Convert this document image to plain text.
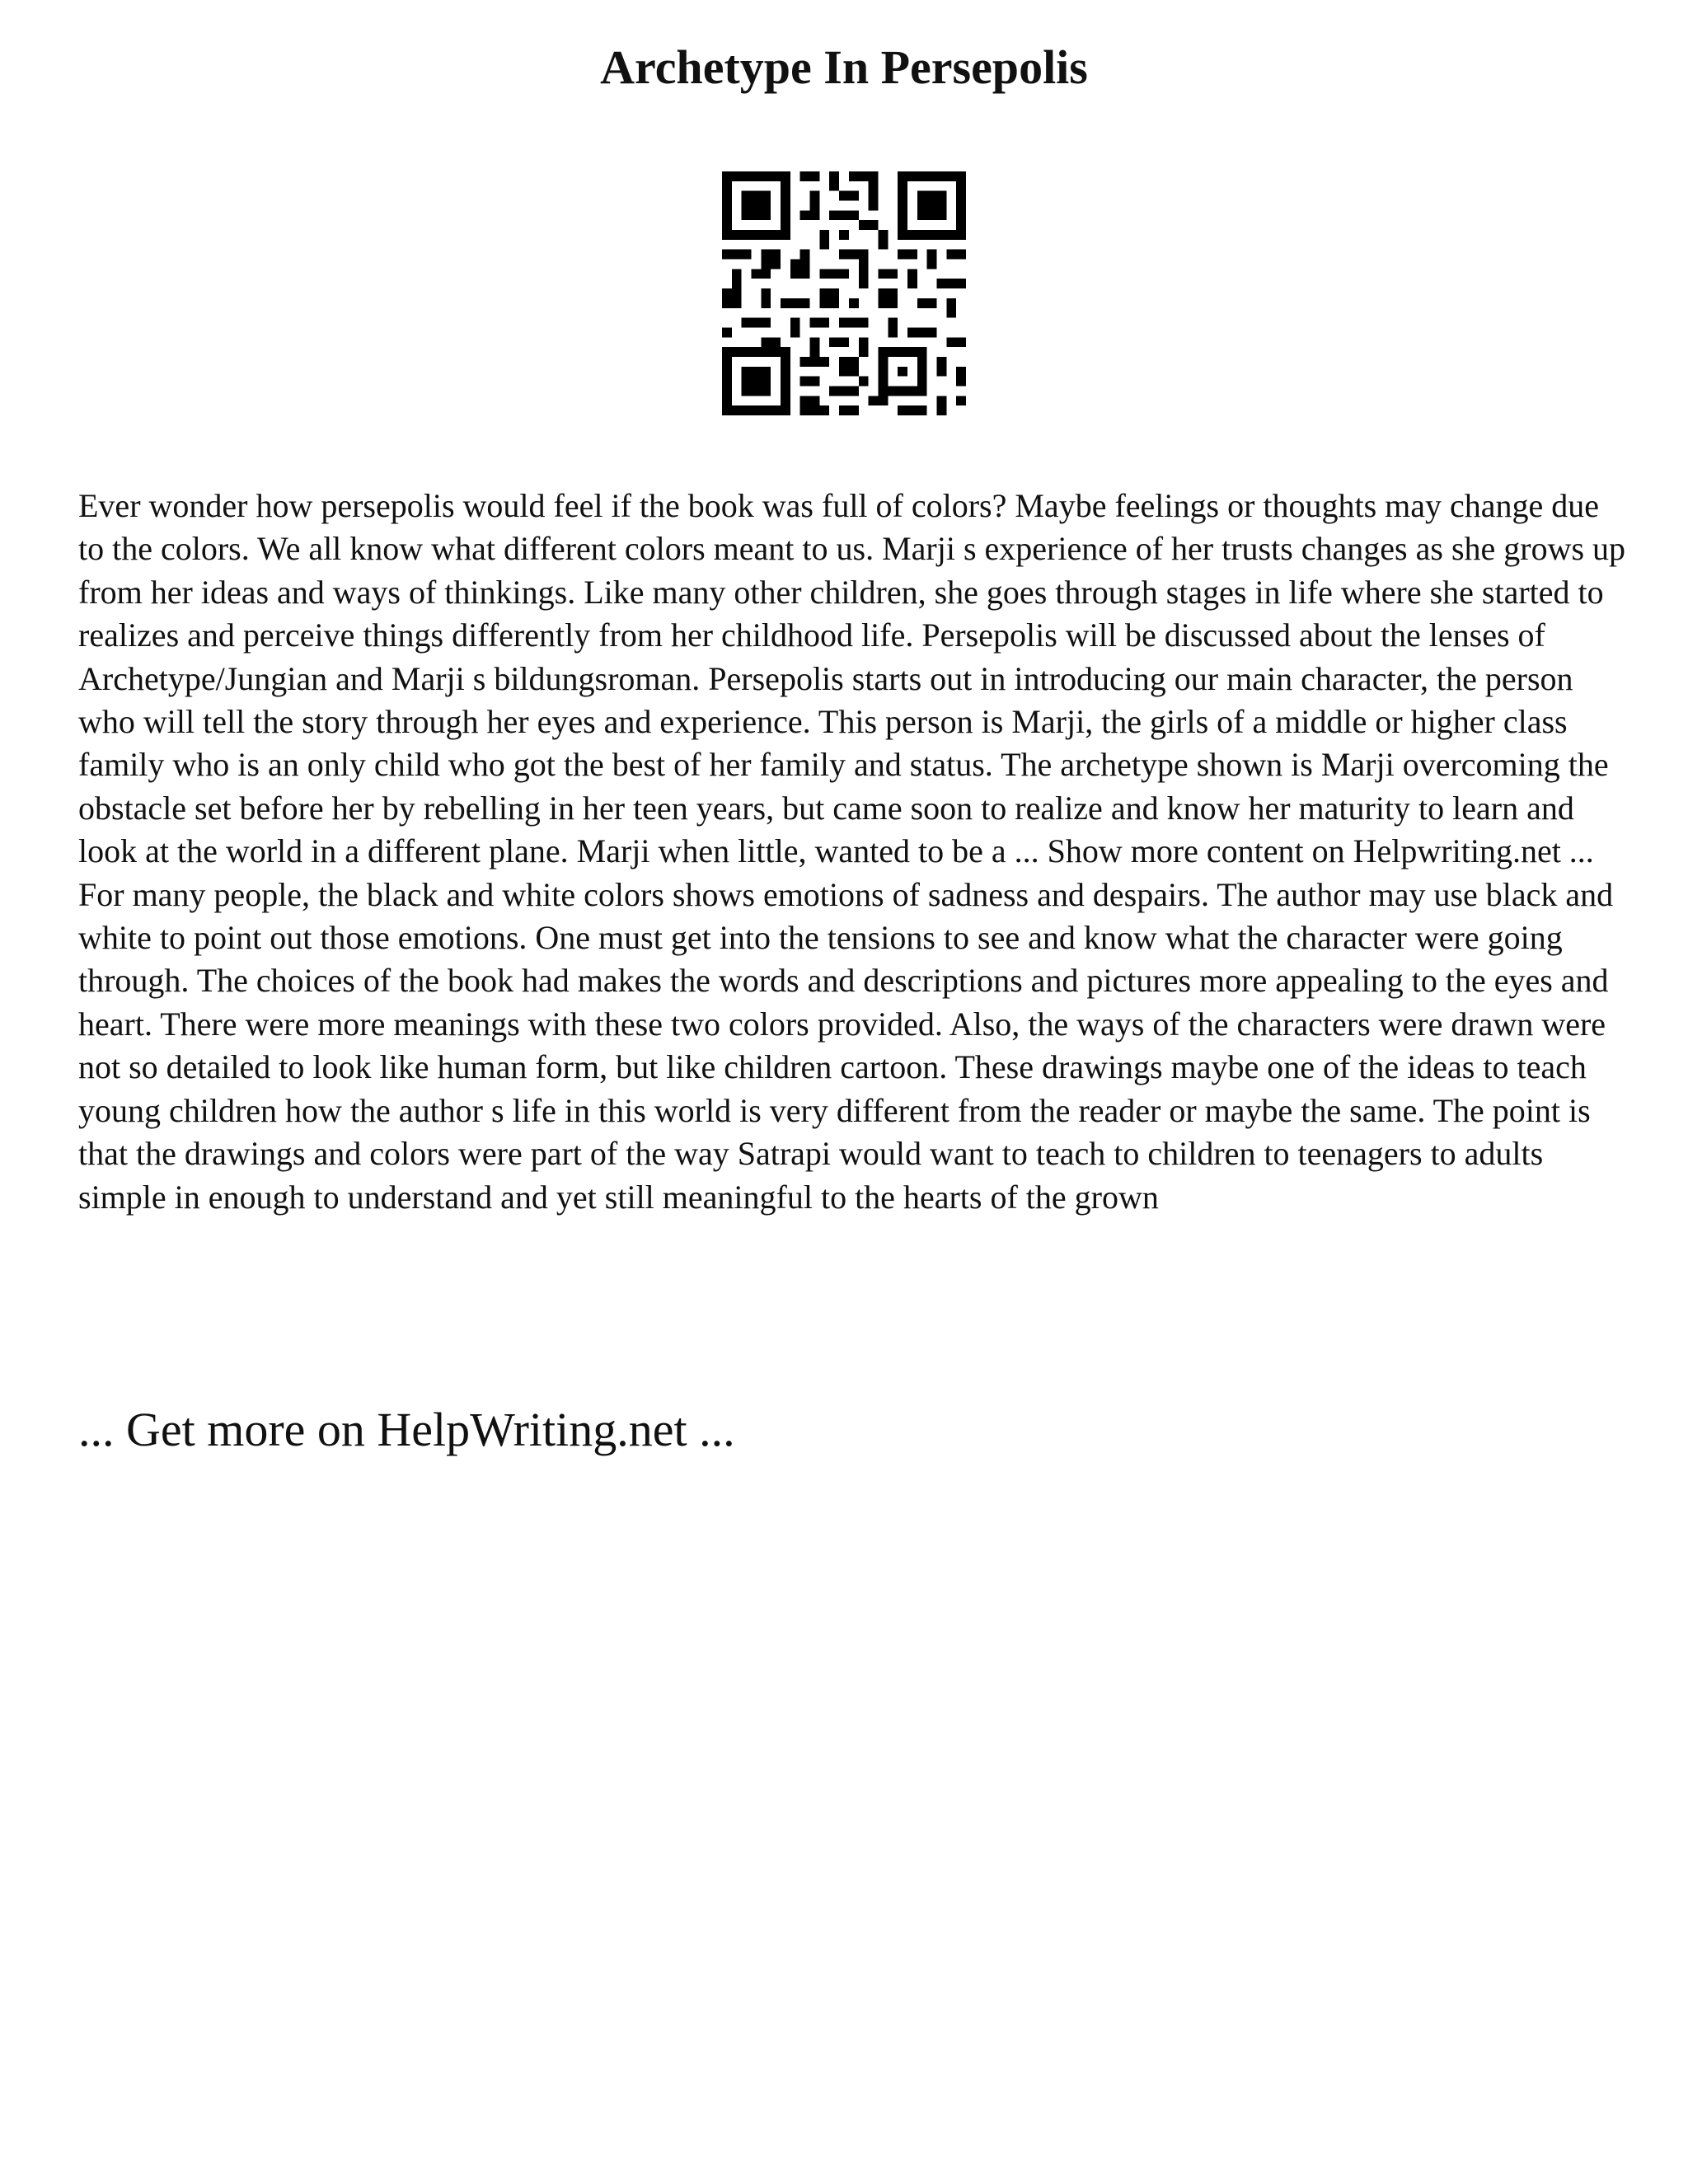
Archetype In Persepolis

Ever wonder how persepolis would feel if the book was full of colors? Maybe feelings or thoughts may change due to the colors. We all know what different colors meant to us. Marji s experience of her trusts changes as she grows up from her ideas and ways of thinkings. Like many other children, she goes through stages in life where she started to realizes and perceive things differently from her childhood life. Persepolis will be discussed about the lenses of Archetype/Jungian and Marji s bildungsroman. Persepolis starts out in introducing our main character, the person who will tell the story through her eyes and experience. This person is Marji, the girls of a middle or higher class family who is an only child who got the best of her family and status. The archetype shown is Marji overcoming the obstacle set before her by rebelling in her teen years, but came soon to realize and know her maturity to learn and look at the world in a different plane. Marji when little, wanted to be a ... Show more content on Helpwriting.net ...

For many people, the black and white colors shows emotions of sadness and despairs. The author may use black and white to point out those emotions. One must get into the tensions to see and know what the character were going through. The choices of the book had makes the words and descriptions and pictures more appealing to the eyes and heart. There were more meanings with these two colors provided. Also, the ways of the characters were drawn were not so detailed to look like human form, but like children cartoon. These drawings maybe one of the ideas to teach young children how the author s life in this world is very different from the reader or maybe the same. The point is that the drawings and colors were part of the way Satrapi would want to teach to children to teenagers to adults simple in enough to understand and yet still meaningful to the hearts of the grown

... Get more on HelpWriting.net ...
